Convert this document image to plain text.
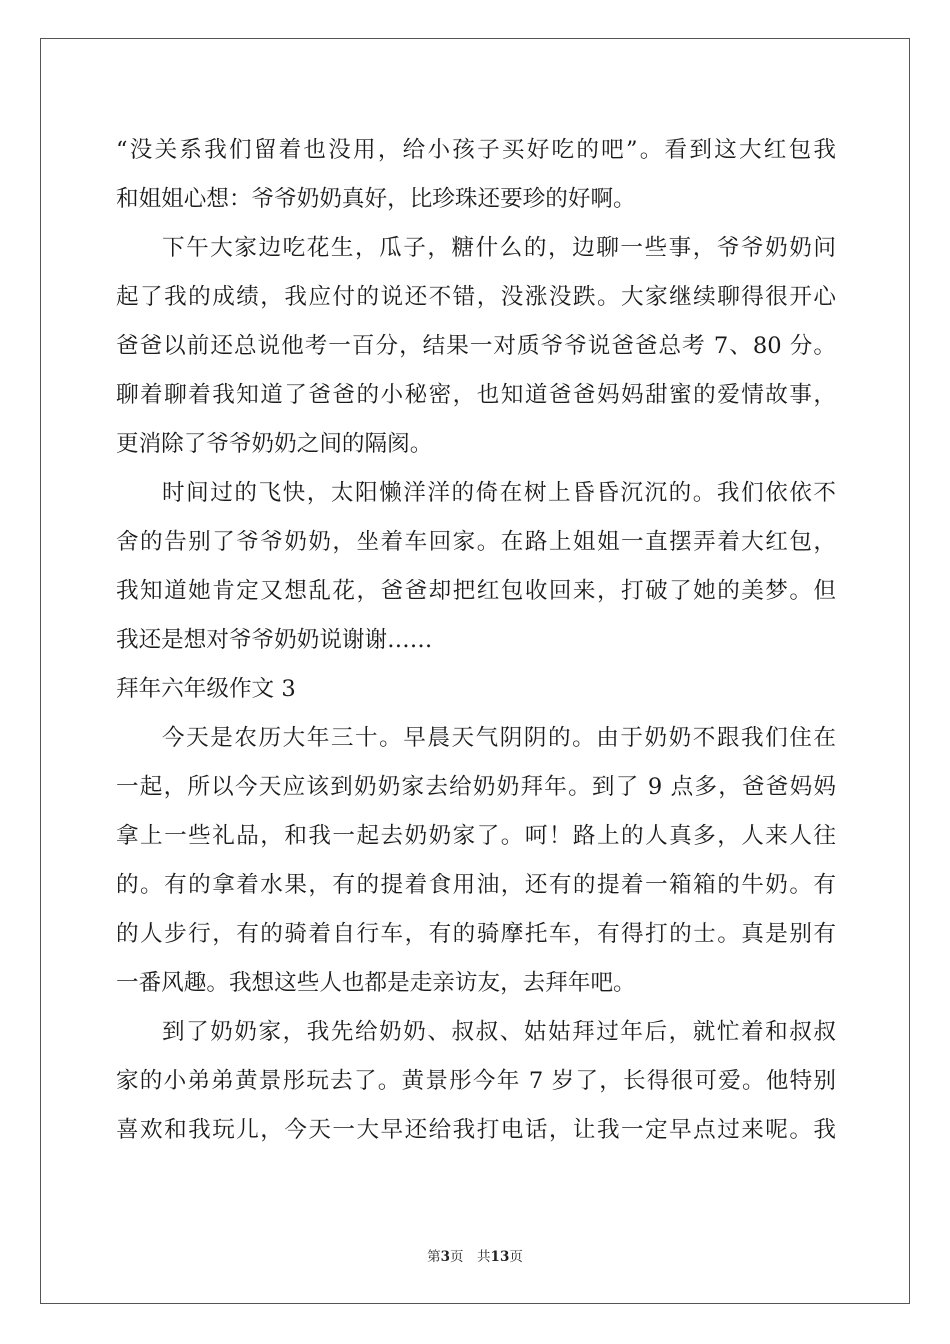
“没关系我们留着也没用，给小孩子买好吃的吧”。看到这大红包我
和姐姐心想：爷爷奶奶真好，比珍珠还要珍的好啊。
下午大家边吃花生，瓜子，糖什么的，边聊一些事，爷爷奶奶问
起了我的成绩，我应付的说还不错，没涨没跌。大家继续聊得很开心
爸爸以前还总说他考一百分，结果一对质爷爷说爸爸总考 7、80 分。
聊着聊着我知道了爸爸的小秘密，也知道爸爸妈妈甜蜜的爱情故事，
更消除了爷爷奶奶之间的隔阂。
时间过的飞快，太阳懒洋洋的倚在树上昏昏沉沉的。我们依依不
舍的告别了爷爷奶奶，坐着车回家。在路上姐姐一直摆弄着大红包，
我知道她肯定又想乱花，爸爸却把红包收回来，打破了她的美梦。但
我还是想对爷爷奶奶说谢谢……
拜年六年级作文 3
今天是农历大年三十。早晨天气阴阴的。由于奶奶不跟我们住在
一起，所以今天应该到奶奶家去给奶奶拜年。到了 9 点多，爸爸妈妈
拿上一些礼品，和我一起去奶奶家了。呵！路上的人真多，人来人往
的。有的拿着水果，有的提着食用油，还有的提着一箱箱的牛奶。有
的人步行，有的骑着自行车，有的骑摩托车，有得打的士。真是别有
一番风趣。我想这些人也都是走亲访友，去拜年吧。
到了奶奶家，我先给奶奶、叔叔、姑姑拜过年后，就忙着和叔叔
家的小弟弟黄景彤玩去了。黄景彤今年 7 岁了，长得很可爱。他特别
喜欢和我玩儿，今天一大早还给我打电话，让我一定早点过来呢。我
第3页　共13页
